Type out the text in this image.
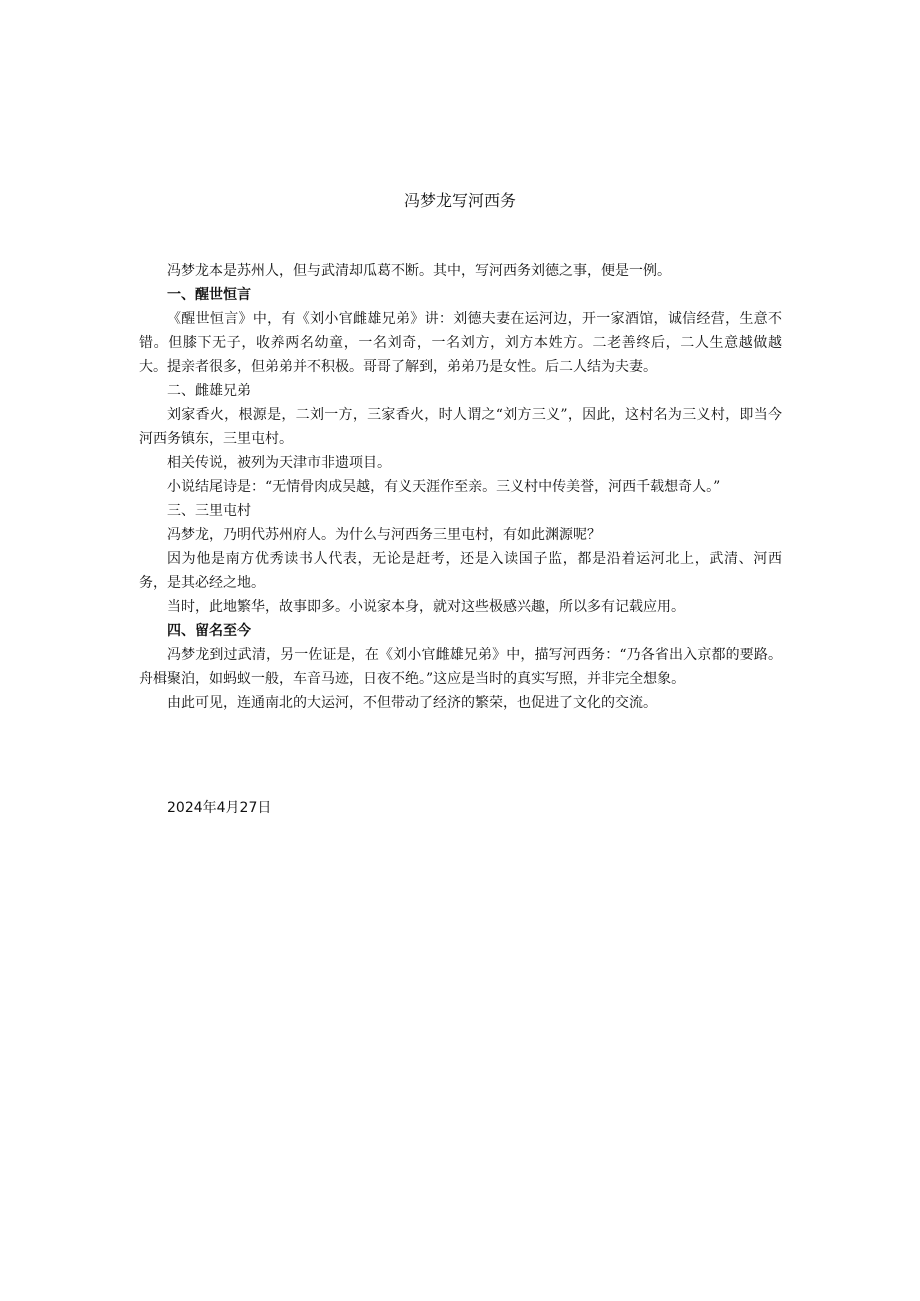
冯梦龙写河西务

冯梦龙本是苏州人，但与武清却瓜葛不断。其中，写河西务刘德之事，便是一例。

一、醒世恒言

《醒世恒言》中，有《刘小官雌雄兄弟》讲：刘德夫妻在运河边，开一家酒馆，诚信经营，生意不错。但膝下无子，收养两名幼童，一名刘奇，一名刘方，刘方本姓方。二老善终后，二人生意越做越大。提亲者很多，但弟弟并不积极。哥哥了解到，弟弟乃是女性。后二人结为夫妻。

二、雌雄兄弟

刘家香火，根源是，二刘一方，三家香火，时人谓之“刘方三义”，因此，这村名为三义村，即当今河西务镇东，三里屯村。

相关传说，被列为天津市非遗项目。

小说结尾诗是：“无情骨肉成吴越，有义天涯作至亲。三义村中传美誉，河西千载想奇人。”

三、三里屯村

冯梦龙，乃明代苏州府人。为什么与河西务三里屯村，有如此渊源呢？

因为他是南方优秀读书人代表，无论是赶考，还是入读国子监，都是沿着运河北上，武清、河西务，是其必经之地。

当时，此地繁华，故事即多。小说家本身，就对这些极感兴趣，所以多有记载应用。

四、留名至今

冯梦龙到过武清，另一佐证是，在《刘小官雌雄兄弟》中，描写河西务：“乃各省出入京都的要路。舟楫聚泊，如蚂蚁一般，车音马迹，日夜不绝。”这应是当时的真实写照，并非完全想象。

由此可见，连通南北的大运河，不但带动了经济的繁荣，也促进了文化的交流。

2024年4月27日
